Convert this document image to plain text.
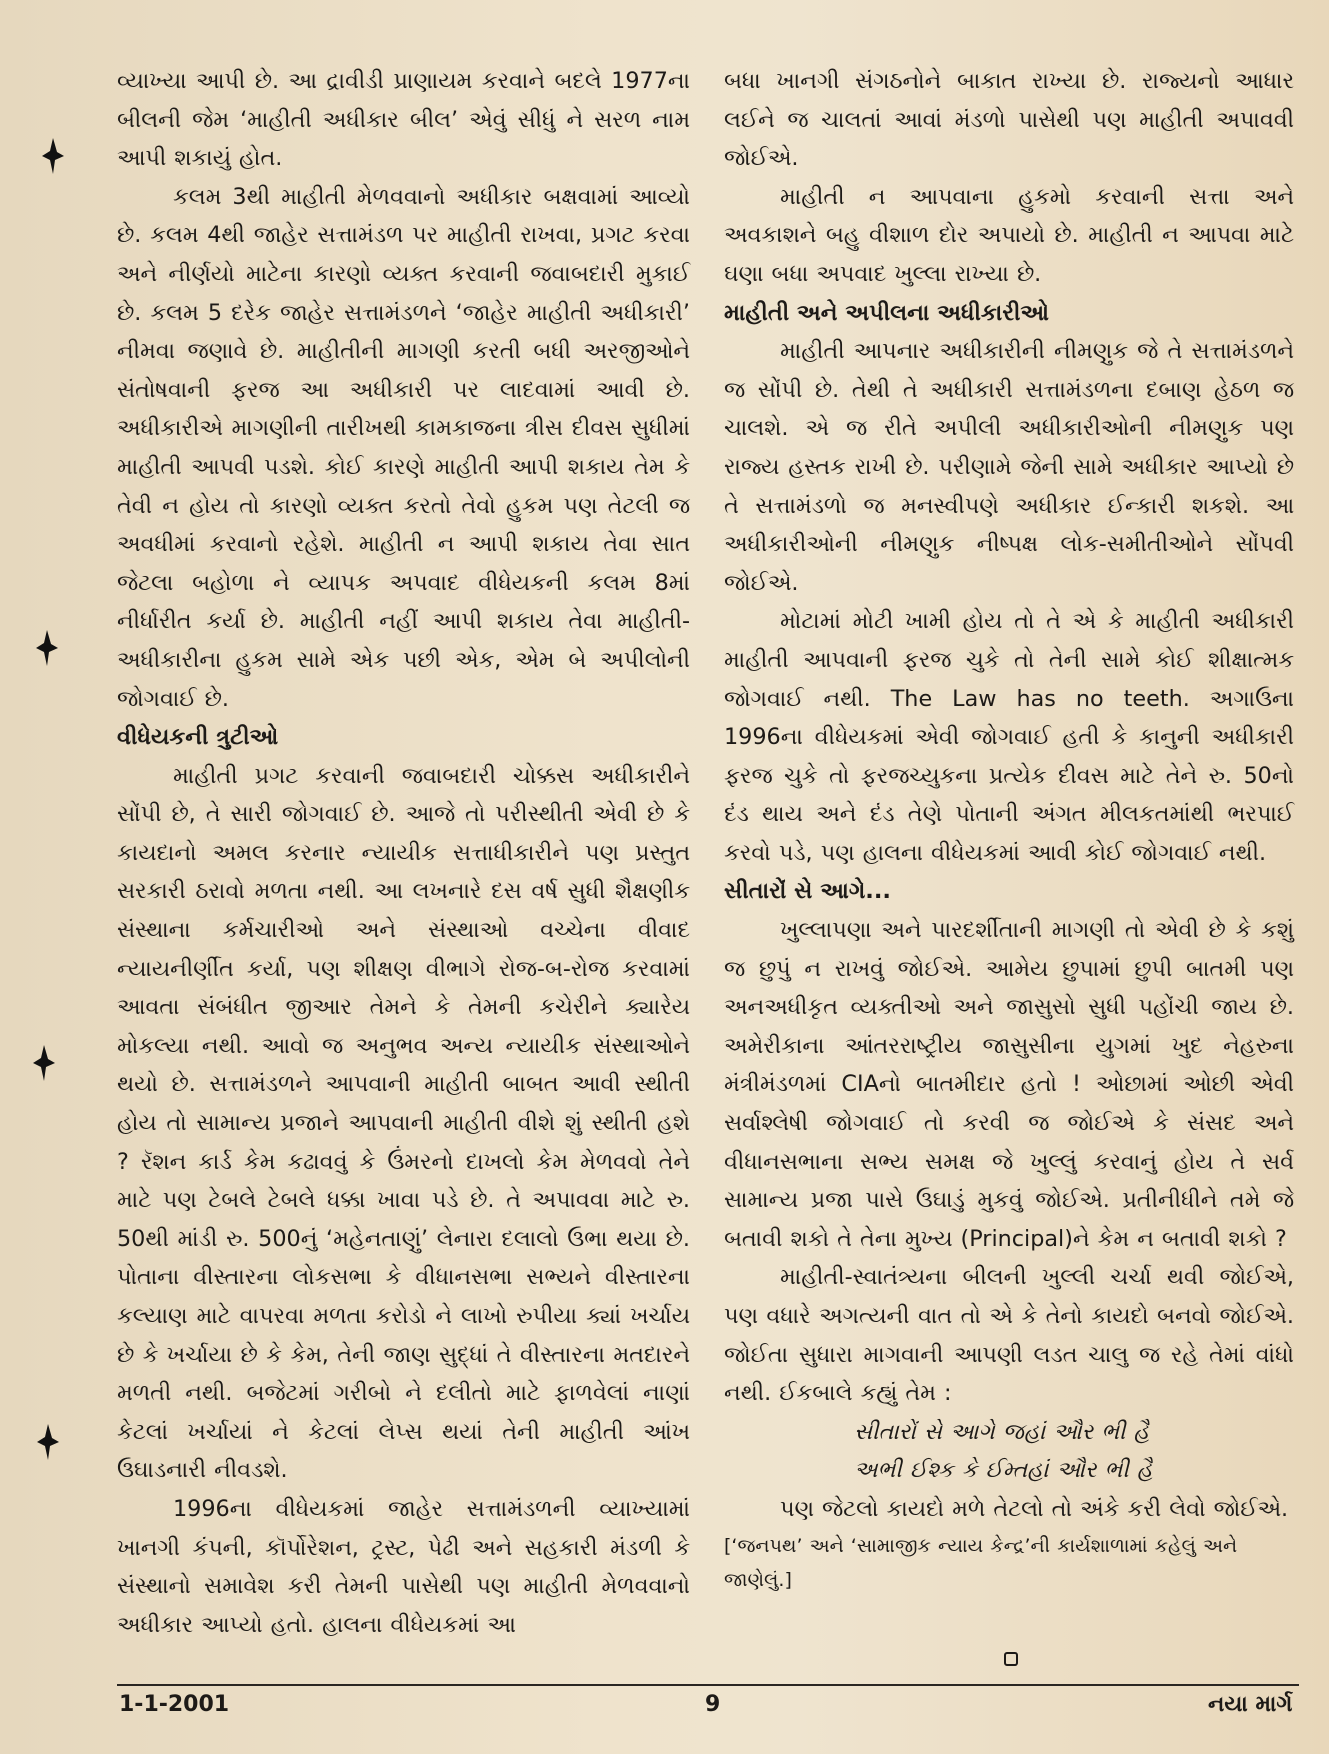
વ્યાખ્યા આપી છે. આ દ્રાવીડી પ્રાણાયમ કરવાને બદલે 1977ના બીલની જેમ ‘માહીતી અધીકાર બીલ’ એવું સીધું ને સરળ નામ આપી શકાયું હોત.

કલમ 3થી માહીતી મેળવવાનો અધીકાર બક્ષવામાં આવ્યો છે. કલમ 4થી જાહેર સત્તામંડળ પર માહીતી રાખવા, પ્રગટ કરવા અને નીર્ણયો માટેના કારણો વ્યક્ત કરવાની જવાબદારી મુકાઈ છે. કલમ 5 દરેક જાહેર સત્તામંડળને ‘જાહેર માહીતી અધીકારી’ નીમવા જણાવે છે. માહીતીની માગણી કરતી બધી અરજીઓને સંતોષવાની ફરજ આ અધીકારી પર લાદવામાં આવી છે. અધીકારીએ માગણીની તારીખથી કામકાજના ત્રીસ દીવસ સુધીમાં માહીતી આપવી પડશે. કોઈ કારણે માહીતી આપી શકાય તેમ કે તેવી ન હોય તો કારણો વ્યક્ત કરતો તેવો હુકમ પણ તેટલી જ અવધીમાં કરવાનો રહેશે. માહીતી ન આપી શકાય તેવા સાત જેટલા બહોળા ને વ્યાપક અપવાદ વીધેયકની કલમ 8માં નીર્ધારીત કર્યા છે. માહીતી નહીં આપી શકાય તેવા માહીતી-અધીકારીના હુકમ સામે એક પછી એક, એમ બે અપીલોની જોગવાઈ છે.

વીધેયકની ત્રુટીઓ

માહીતી પ્રગટ કરવાની જવાબદારી ચોક્કસ અધીકારીને સોંપી છે, તે સારી જોગવાઈ છે. આજે તો પરીસ્થીતી એવી છે કે કાયદાનો અમલ કરનાર ન્યાયીક સત્તાધીકારીને પણ પ્રસ્તુત સરકારી ઠરાવો મળતા નથી. આ લખનારે દસ વર્ષ સુધી શૈક્ષણીક સંસ્થાના કર્મચારીઓ અને સંસ્થાઓ વચ્ચેના વીવાદ ન્યાયનીર્ણીત કર્યા, પણ શીક્ષણ વીભાગે રોજ-બ-રોજ કરવામાં આવતા સંબંધીત જીઆર તેમને કે તેમની કચેરીને ક્યારેય મોકલ્યા નથી. આવો જ અનુભવ અન્ય ન્યાયીક સંસ્થાઓને થયો છે. સત્તામંડળને આપવાની માહીતી બાબત આવી સ્થીતી હોય તો સામાન્ય પ્રજાને આપવાની માહીતી વીશે શું સ્થીતી હશે ? રૅશન કાર્ડ કેમ કઢાવવું કે ઉંમરનો દાખલો કેમ મેળવવો તેને માટે પણ ટેબલે ટેબલે ધક્કા ખાવા પડે છે. તે અપાવવા માટે રુ. 50થી માંડી રુ. 500નું ‘મહેનતાણું’ લેનારા દલાલો ઉભા થયા છે. પોતાના વીસ્તારના લોકસભા કે વીધાનસભા સભ્યને વીસ્તારના કલ્યાણ માટે વાપરવા મળતા કરોડો ને લાખો રુપીયા ક્યાં ખર્ચાય છે કે ખર્ચાયા છે કે કેમ, તેની જાણ સુદ્ધાં તે વીસ્તારના મતદારને મળતી નથી. બજેટમાં ગરીબો ને દલીતો માટે ફાળવેલાં નાણાં કેટલાં ખર્ચાયાં ને કેટલાં લેપ્સ થયાં તેની માહીતી આંખ ઉઘાડનારી નીવડશે.

1996ના વીધેયકમાં જાહેર સત્તામંડળની વ્યાખ્યામાં ખાનગી કંપની, કૉર્પોરેશન, ટ્રસ્ટ, પેઢી અને સહકારી મંડળી કે સંસ્થાનો સમાવેશ કરી તેમની પાસેથી પણ માહીતી મેળવવાનો અધીકાર આપ્યો હતો. હાલના વીધેયકમાં આ

બધા ખાનગી સંગઠનોને બાકાત રાખ્યા છે. રાજ્યનો આધાર લઈને જ ચાલતાં આવાં મંડળો પાસેથી પણ માહીતી અપાવવી જોઈએ.

માહીતી ન આપવાના હુકમો કરવાની સત્તા અને અવકાશને બહુ વીશાળ દોર અપાયો છે. માહીતી ન આપવા માટે ઘણા બધા અપવાદ ખુલ્લા રાખ્યા છે.

માહીતી અને અપીલના અધીકારીઓ

માહીતી આપનાર અધીકારીની નીમણુક જે તે સત્તામંડળને જ સોંપી છે. તેથી તે અધીકારી સત્તામંડળના દબાણ હેઠળ જ ચાલશે. એ જ રીતે અપીલી અધીકારીઓની નીમણુક પણ રાજ્ય હસ્તક રાખી છે. પરીણામે જેની સામે અધીકાર આપ્યો છે તે સત્તામંડળો જ મનસ્વીપણે અધીકાર ઈન્કારી શકશે. આ અધીકારીઓની નીમણુક નીષ્પક્ષ લોક-સમીતીઓને સોંપવી જોઈએ.

મોટામાં મોટી ખામી હોય તો તે એ કે માહીતી અધીકારી માહીતી આપવાની ફરજ ચુકે તો તેની સામે કોઈ શીક્ષાત્મક જોગવાઈ નથી. The Law has no teeth. અગાઉના 1996ના વીધેયકમાં એવી જોગવાઈ હતી કે કાનુની અધીકારી ફરજ ચુકે તો ફરજચ્યુકના પ્રત્યેક દીવસ માટે તેને રુ. 50નો દંડ થાય અને દંડ તેણે પોતાની અંગત મીલકતમાંથી ભરપાઈ કરવો પડે, પણ હાલના વીધેયકમાં આવી કોઈ જોગવાઈ નથી.

સીતારોં સે આગે...

ખુલ્લાપણા અને પારદર્શીતાની માગણી તો એવી છે કે કશું જ છુપું ન રાખવું જોઈએ. આમેય છુપામાં છુપી બાતમી પણ અનઅધીકૃત વ્યક્તીઓ અને જાસુસો સુધી પહોંચી જાય છે. અમેરીકાના આંતરરાષ્ટ્રીય જાસુસીના યુગમાં ખુદ નેહરુના મંત્રીમંડળમાં CIAનો બાતમીદાર હતો ! ઓછામાં ઓછી એવી સર્વાશ્લેષી જોગવાઈ તો કરવી જ જોઈએ કે સંસદ અને વીધાનસભાના સભ્ય સમક્ષ જે ખુલ્લું કરવાનું હોય તે સર્વ સામાન્ય પ્રજા પાસે ઉઘાડું મુકવું જોઈએ. પ્રતીનીધીને તમે જે બતાવી શકો તે તેના મુખ્ય (Principal)ને કેમ ન બતાવી શકો ?

માહીતી-સ્વાતંત્ર્યના બીલની ખુલ્લી ચર્ચા થવી જોઈએ, પણ વધારે અગત્યની વાત તો એ કે તેનો કાયદો બનવો જોઈએ. જોઈતા સુધારા માગવાની આપણી લડત ચાલુ જ રહે તેમાં વાંધો નથી. ઈકબાલે કહ્યું તેમ :

સીતારોં સે આગે જહાં ઔર ભી હૈ

અભી ઈશ્ક કે ઈમ્તહાં ઔર ભી હૈ

પણ જેટલો કાયદો મળે તેટલો તો અંકે કરી લેવો જોઈએ.

[‘જનપથ’ અને ‘સામાજીક ન્યાય કેન્દ્ર’ની કાર્યશાળામાં કહેલું અને જાણેલું.]

1-1-2001	9	નયા માર્ગ
